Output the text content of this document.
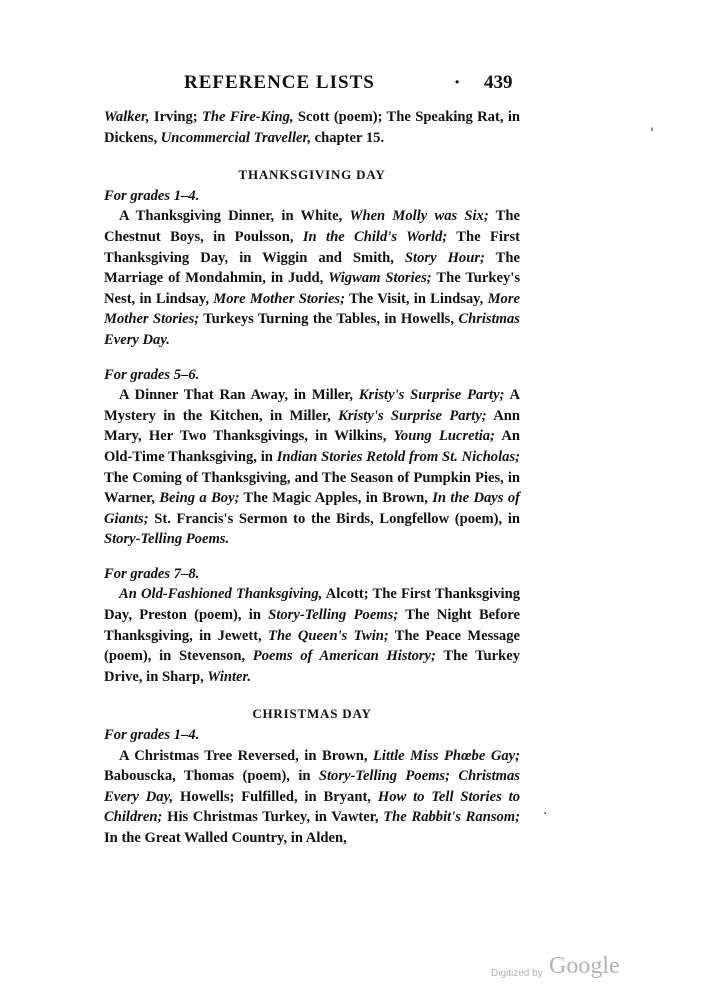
REFERENCE LISTS	· 439

Walker, Irving; The Fire-King, Scott (poem); The Speaking Rat, in Dickens, Uncommercial Traveller, chapter 15.

THANKSGIVING DAY

For grades 1–4.

A Thanksgiving Dinner, in White, When Molly was Six; The Chestnut Boys, in Poulsson, In the Child's World; The First Thanksgiving Day, in Wiggin and Smith, Story Hour; The Marriage of Mondahmin, in Judd, Wigwam Stories; The Turkey's Nest, in Lindsay, More Mother Stories; The Visit, in Lindsay, More Mother Stories; Turkeys Turning the Tables, in Howells, Christmas Every Day.

For grades 5–6.

A Dinner That Ran Away, in Miller, Kristy's Surprise Party; A Mystery in the Kitchen, in Miller, Kristy's Surprise Party; Ann Mary, Her Two Thanksgivings, in Wilkins, Young Lucretia; An Old-Time Thanksgiving, in Indian Stories Retold from St. Nicholas; The Coming of Thanksgiving, and The Season of Pumpkin Pies, in Warner, Being a Boy; The Magic Apples, in Brown, In the Days of Giants; St. Francis's Sermon to the Birds, Longfellow (poem), in Story-Telling Poems.

For grades 7–8.

An Old-Fashioned Thanksgiving, Alcott; The First Thanksgiving Day, Preston (poem), in Story-Telling Poems; The Night Before Thanksgiving, in Jewett, The Queen's Twin; The Peace Message (poem), in Stevenson, Poems of American History; The Turkey Drive, in Sharp, Winter.

CHRISTMAS DAY

For grades 1–4.

A Christmas Tree Reversed, in Brown, Little Miss Phœbe Gay; Babouscka, Thomas (poem), in Story-Telling Poems; Christmas Every Day, Howells; Fulfilled, in Bryant, How to Tell Stories to Children; His Christmas Turkey, in Vawter, The Rabbit's Ransom; In the Great Walled Country, in Alden,

'
·
Digitized by Google
